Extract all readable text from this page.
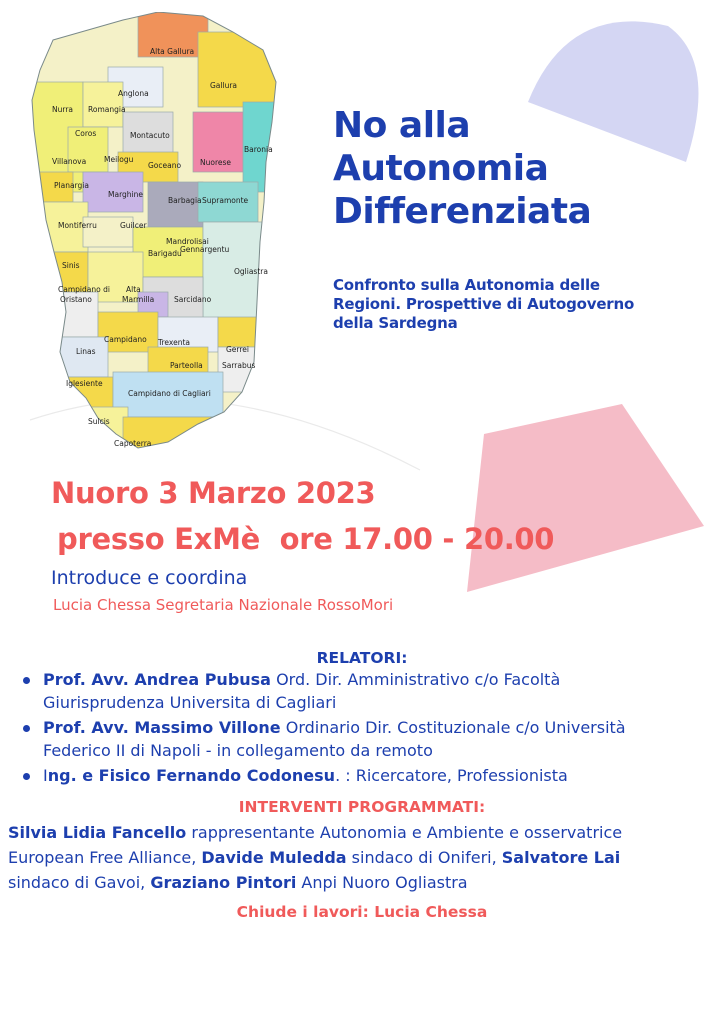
Alta Gallura
Gallura
Anglona
Nurra Romangia
Coros	Montacuto
Meilogu
Villanova	Goceano	Nuorese
Baronia
Planargia
Marghine
Barbagia Supramonte
Montiferru	Guilcer
Mandrolisai
Barigadu
Gennargentu
Ogliastra
Sinis
Campidano di
Oristano
Alta
Marmilla	Sarcidano
Campidano Trexenta
Gerrei
Linas
Parteolla	Sarrabus
Iglesiente
Campidano di Cagliari
Sulcis
Capoterra
No alla
Autonomia
Differenziata

Confronto sulla Autonomia delle
Regioni. Prospettive di Autogoverno
della Sardegna

Nuoro 3 Marzo 2023
presso ExMè  ore 17.00 - 20.00
Introduce e coordina
Lucia Chessa Segretaria Nazionale RossoMori
RELATORI:
Prof. Avv. Andrea Pubusa Ord. Dir. Amministrativo c/o Facoltà
Giurisprudenza Universita di Cagliari
Prof. Avv. Massimo Villone Ordinario Dir. Costituzionale c/o Università
Federico II di Napoli - in collegamento da remoto
Ing. e Fisico Fernando Codonesu. : Ricercatore, Professionista
INTERVENTI PROGRAMMATI:

Silvia Lidia Fancello rappresentante Autonomia e Ambiente e osservatrice
European Free Alliance, Davide Muledda sindaco di Oniferi, Salvatore Lai
sindaco di Gavoi, Graziano Pintori Anpi Nuoro Ogliastra

Chiude i lavori: Lucia Chessa
